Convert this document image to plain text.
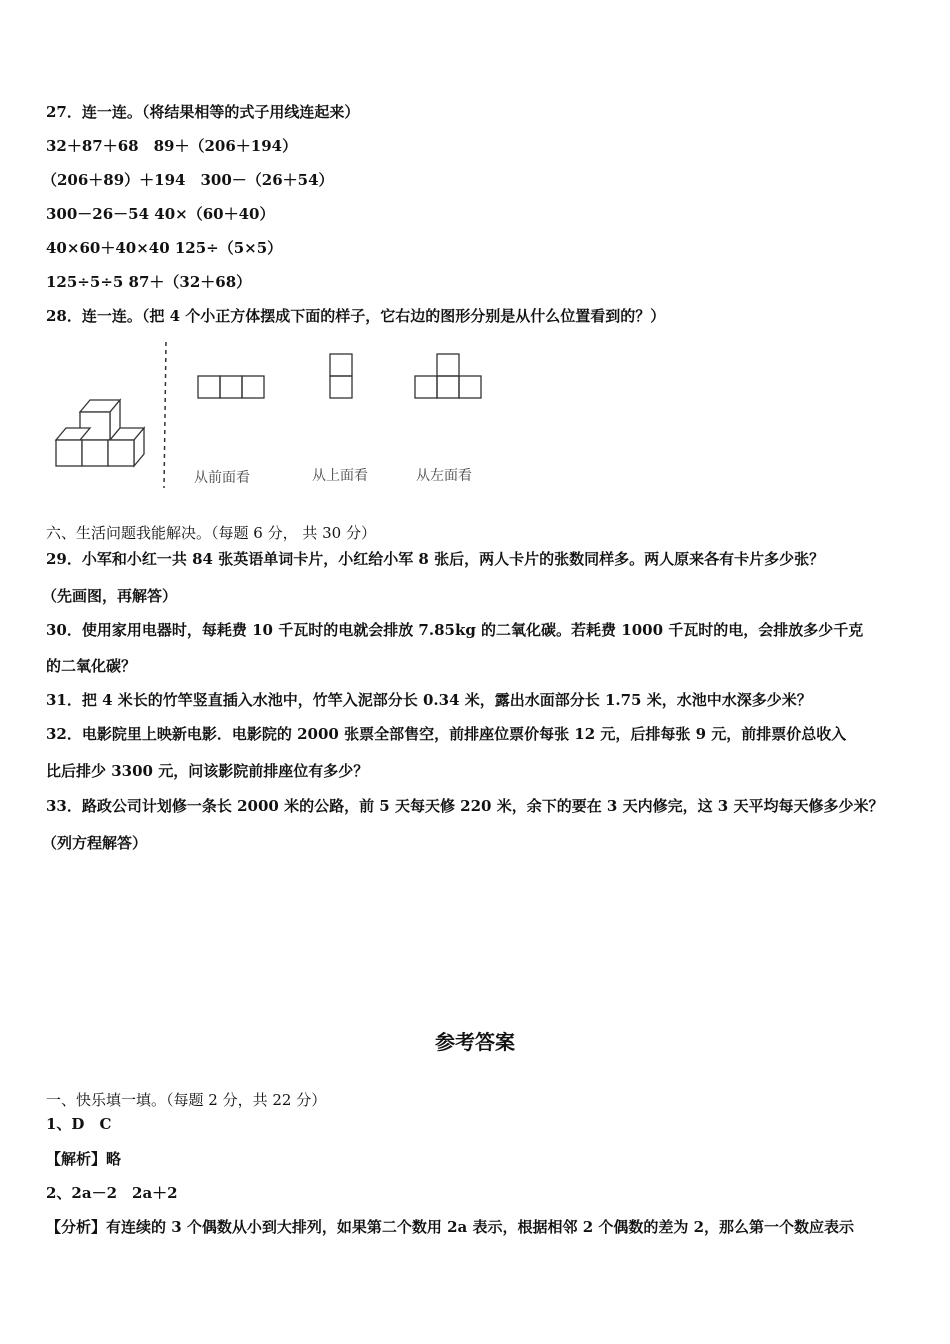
27．连一连。（将结果相等的式子用线连起来）
32＋87＋68　89＋（206＋194）
（206＋89）＋194　300－（26＋54）
300－26－54 40×（60＋40）
40×60＋40×40 125÷（5×5）
125÷5÷5 87＋（32＋68）
28．连一连。（把 4 个小正方体摆成下面的样子，它右边的图形分别是从什么位置看到的？）
从前面看	从上面看	从左面看
六、生活问题我能解决。（每题 6 分， 共 30 分）
29．小军和小红一共 84 张英语单词卡片，小红给小军 8 张后，两人卡片的张数同样多。两人原来各有卡片多少张？
（先画图，再解答）
30．使用家用电器时，每耗费 10 千瓦时的电就会排放 7.85kg 的二氧化碳。若耗费 1000 千瓦时的电，会排放多少千克
的二氧化碳？
31．把 4 米长的竹竿竖直插入水池中，竹竿入泥部分长 0.34 米，露出水面部分长 1.75 米，水池中水深多少米？
32．电影院里上映新电影．电影院的 2000 张票全部售空，前排座位票价每张 12 元，后排每张 9 元，前排票价总收入
比后排少 3300 元，问该影院前排座位有多少？
33．路政公司计划修一条长 2000 米的公路，前 5 天每天修 220 米，余下的要在 3 天内修完，这 3 天平均每天修多少米？
（列方程解答）
参考答案
一、快乐填一填。（每题 2 分，共 22 分）
1、D　C
【解析】略
2、2a－2　2a＋2
【分析】有连续的 3 个偶数从小到大排列，如果第二个数用 2a 表示，根据相邻 2 个偶数的差为 2，那么第一个数应表示
